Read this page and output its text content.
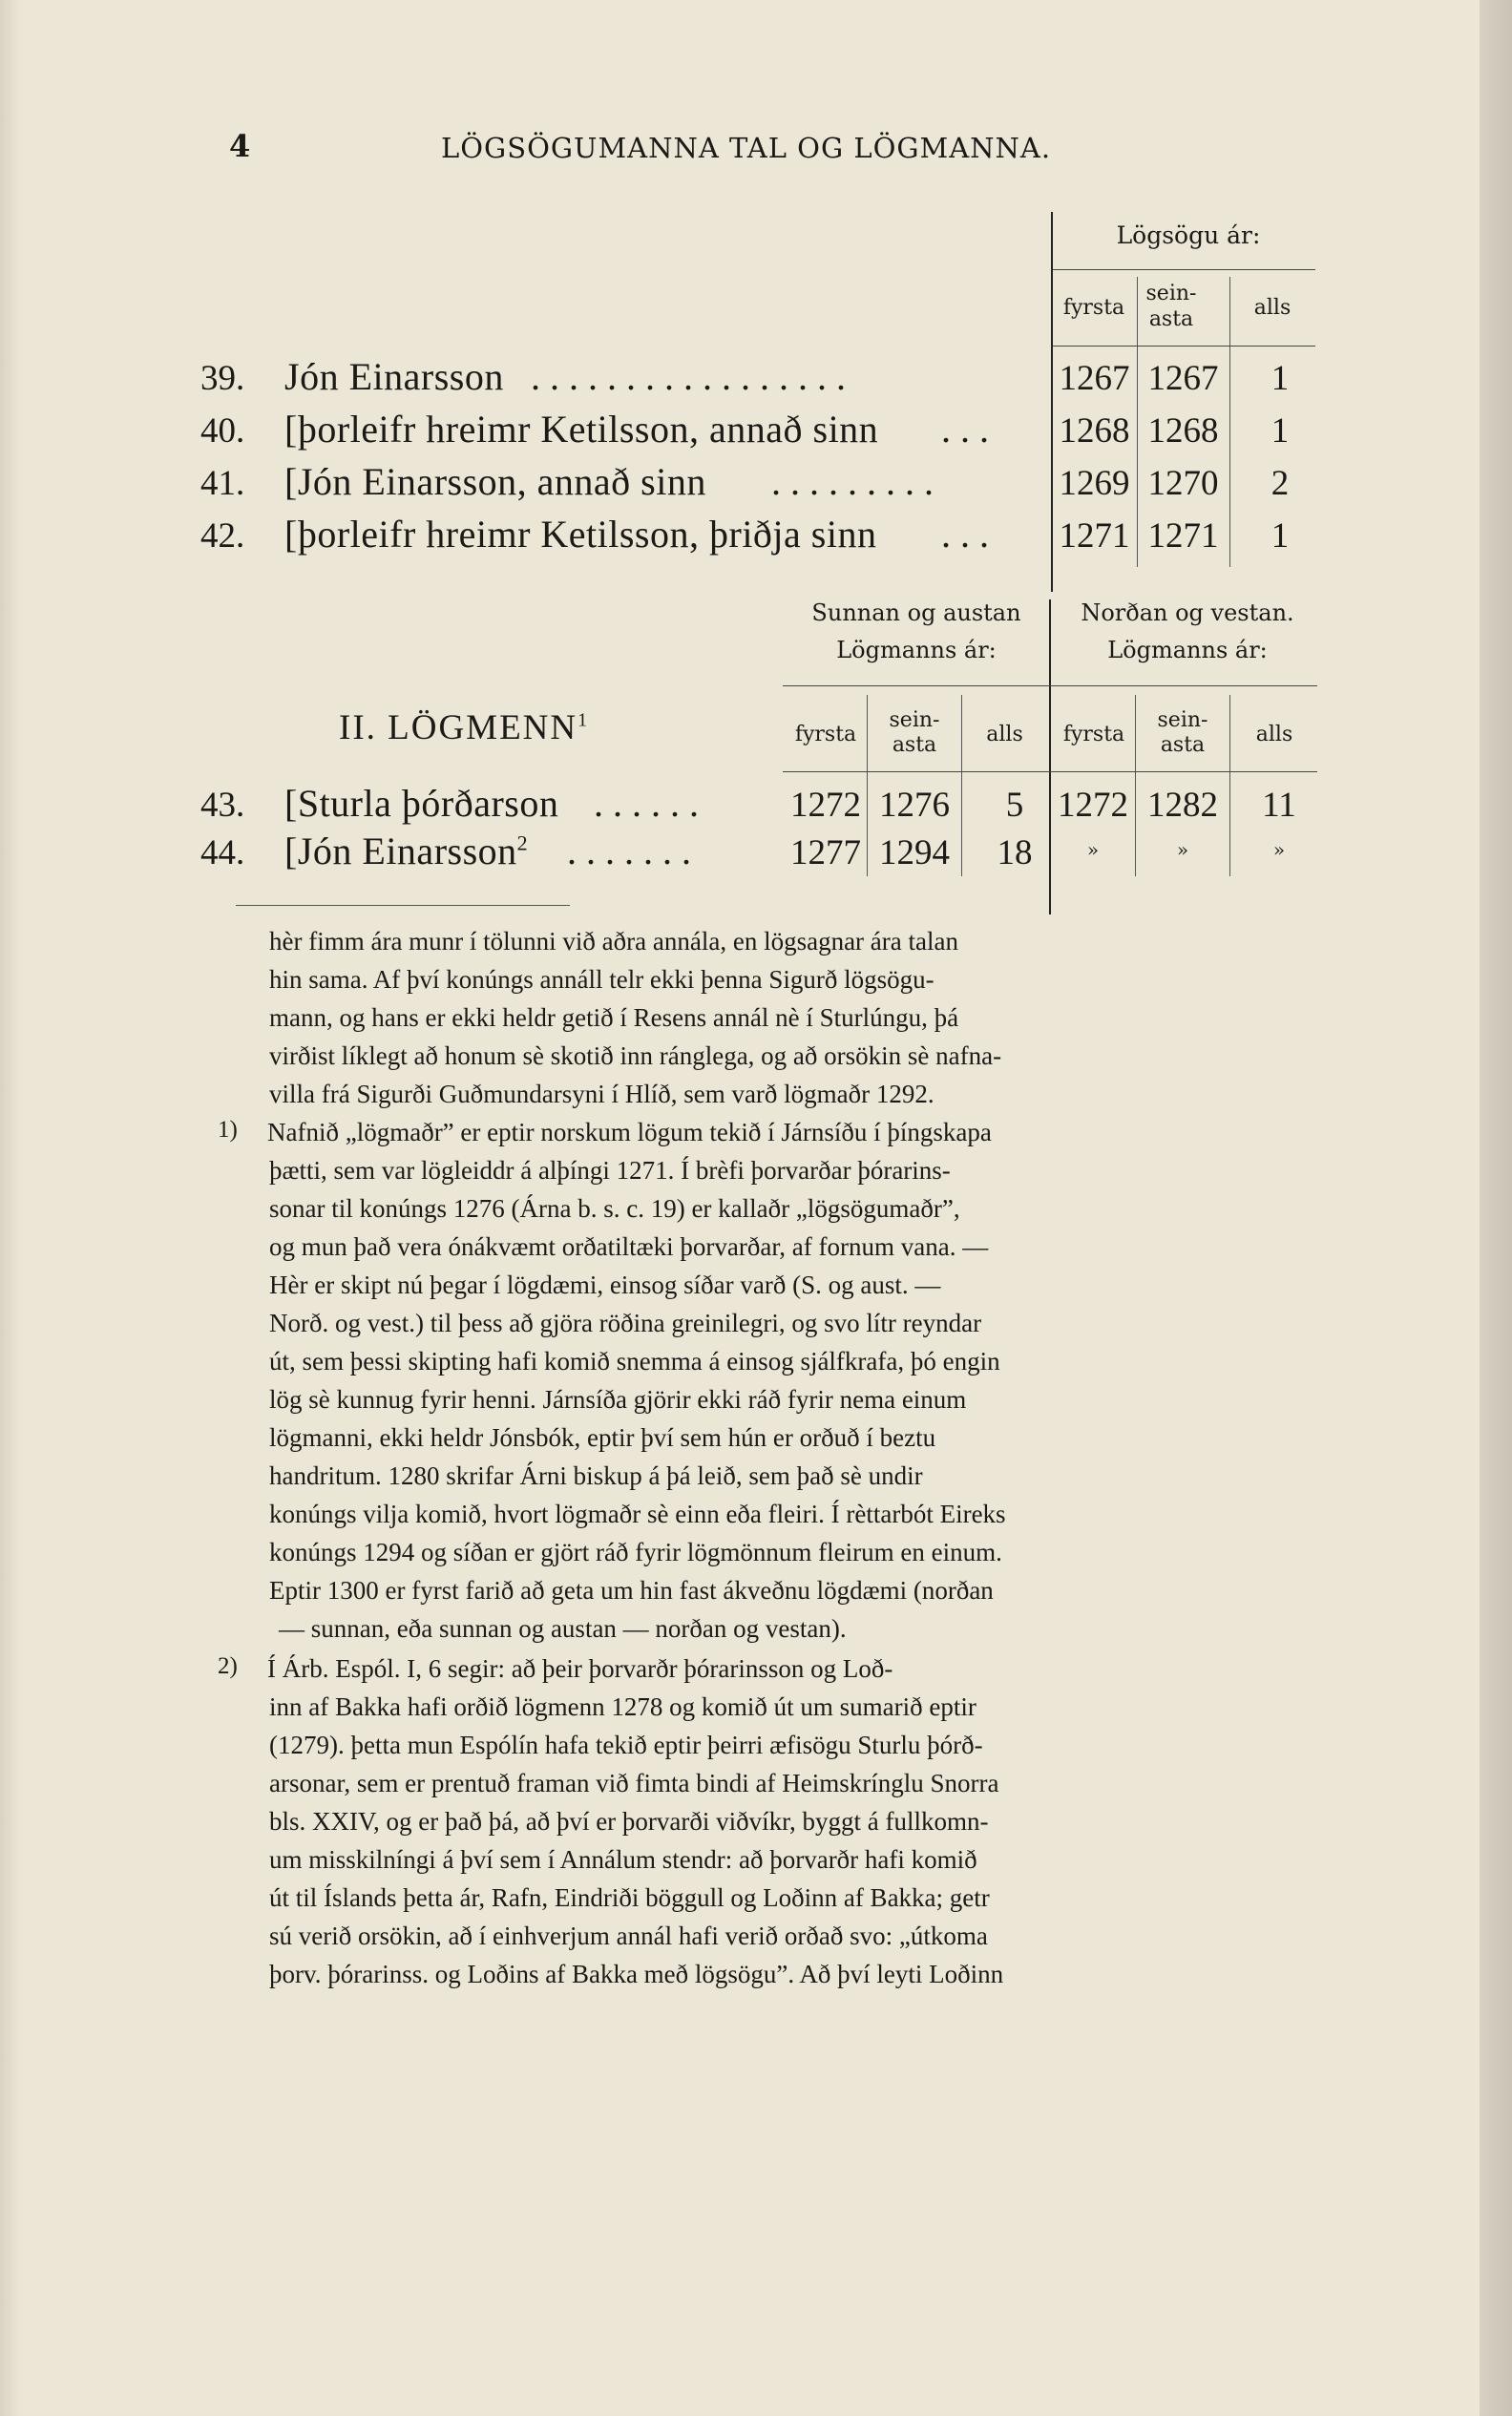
4	LÖGSÖGUMANNA TAL OG LÖGMANNA.
Lögsögu ár:
fyrsta
sein-
asta	alls
39. Jón Einarsson . . . . . . . . . . . . . . . . .	1267 1267	1
40. [þorleifr hreimr Ketilsson, annað sinn . . . 1268 1268	1
41. [Jón Einarsson, annað sinn . . . . . . . . .	1269 1270	2
42. [þorleifr hreimr Ketilsson, þriðja sinn . . . 1271 1271	1
II. LÖGMENN$^1$
Sunnan og austan
Lögmanns ár:
Norðan og vestan.
Lögmanns ár:
fyrsta
sein-
asta	alls	fyrsta
sein-
asta	alls
43. [Sturla þórðarson . . . . . .	1272 1276	5 1272 1282	11
44. [Jón Einarsson$^2$ . . . . . . .	1277 1294	18	»	»	»
hèr fimm ára munr í tölunni við aðra annála, en lögsagnar ára talan
hin sama. Af því konúngs annáll telr ekki þenna Sigurð lögsögu-
mann, og hans er ekki heldr getið í Resens annál nè í Sturlúngu, þá
virðist líklegt að honum sè skotið inn ránglega, og að orsökin sè nafna-
villa frá Sigurði Guðmundarsyni í Hlíð, sem varð lögmaðr 1292.
1) Nafnið „lögmaðr” er eptir norskum lögum tekið í Járnsíðu í þíngskapa
þætti, sem var lögleiddr á alþíngi 1271. Í brèfi þorvarðar þórarins-
sonar til konúngs 1276 (Árna b. s. c. 19) er kallaðr „lögsögumaðr”,
og mun það vera ónákvæmt orðatiltæki þorvarðar, af fornum vana. —
Hèr er skipt nú þegar í lögdæmi, einsog síðar varð (S. og aust. —
Norð. og vest.) til þess að gjöra röðina greinilegri, og svo lítr reyndar
út, sem þessi skipting hafi komið snemma á einsog sjálfkrafa, þó engin
lög sè kunnug fyrir henni. Járnsíða gjörir ekki ráð fyrir nema einum
lögmanni, ekki heldr Jónsbók, eptir því sem hún er orðuð í beztu
handritum. 1280 skrifar Árni biskup á þá leið, sem það sè undir
konúngs vilja komið, hvort lögmaðr sè einn eða fleiri. Í rèttarbót Eireks
konúngs 1294 og síðan er gjört ráð fyrir lögmönnum fleirum en einum.
Eptir 1300 er fyrst farið að geta um hin fast ákveðnu lögdæmi (norðan
— sunnan, eða sunnan og austan — norðan og vestan).
2) Í Árb. Espól. I, 6 segir: að þeir þorvarðr þórarinsson og Loð-
inn af Bakka hafi orðið lögmenn 1278 og komið út um sumarið eptir
(1279). þetta mun Espólín hafa tekið eptir þeirri æfisögu Sturlu þórð-
arsonar, sem er prentuð framan við fimta bindi af Heimskrínglu Snorra
bls. XXIV, og er það þá, að því er þorvarði viðvíkr, byggt á fullkomn-
um misskilníngi á því sem í Annálum stendr: að þorvarðr hafi komið
út til Íslands þetta ár, Rafn, Eindriði böggull og Loðinn af Bakka; getr
sú verið orsökin, að í einhverjum annál hafi verið orðað svo: „útkoma
þorv. þórarinss. og Loðins af Bakka með lögsögu”. Að því leyti Loðinn
